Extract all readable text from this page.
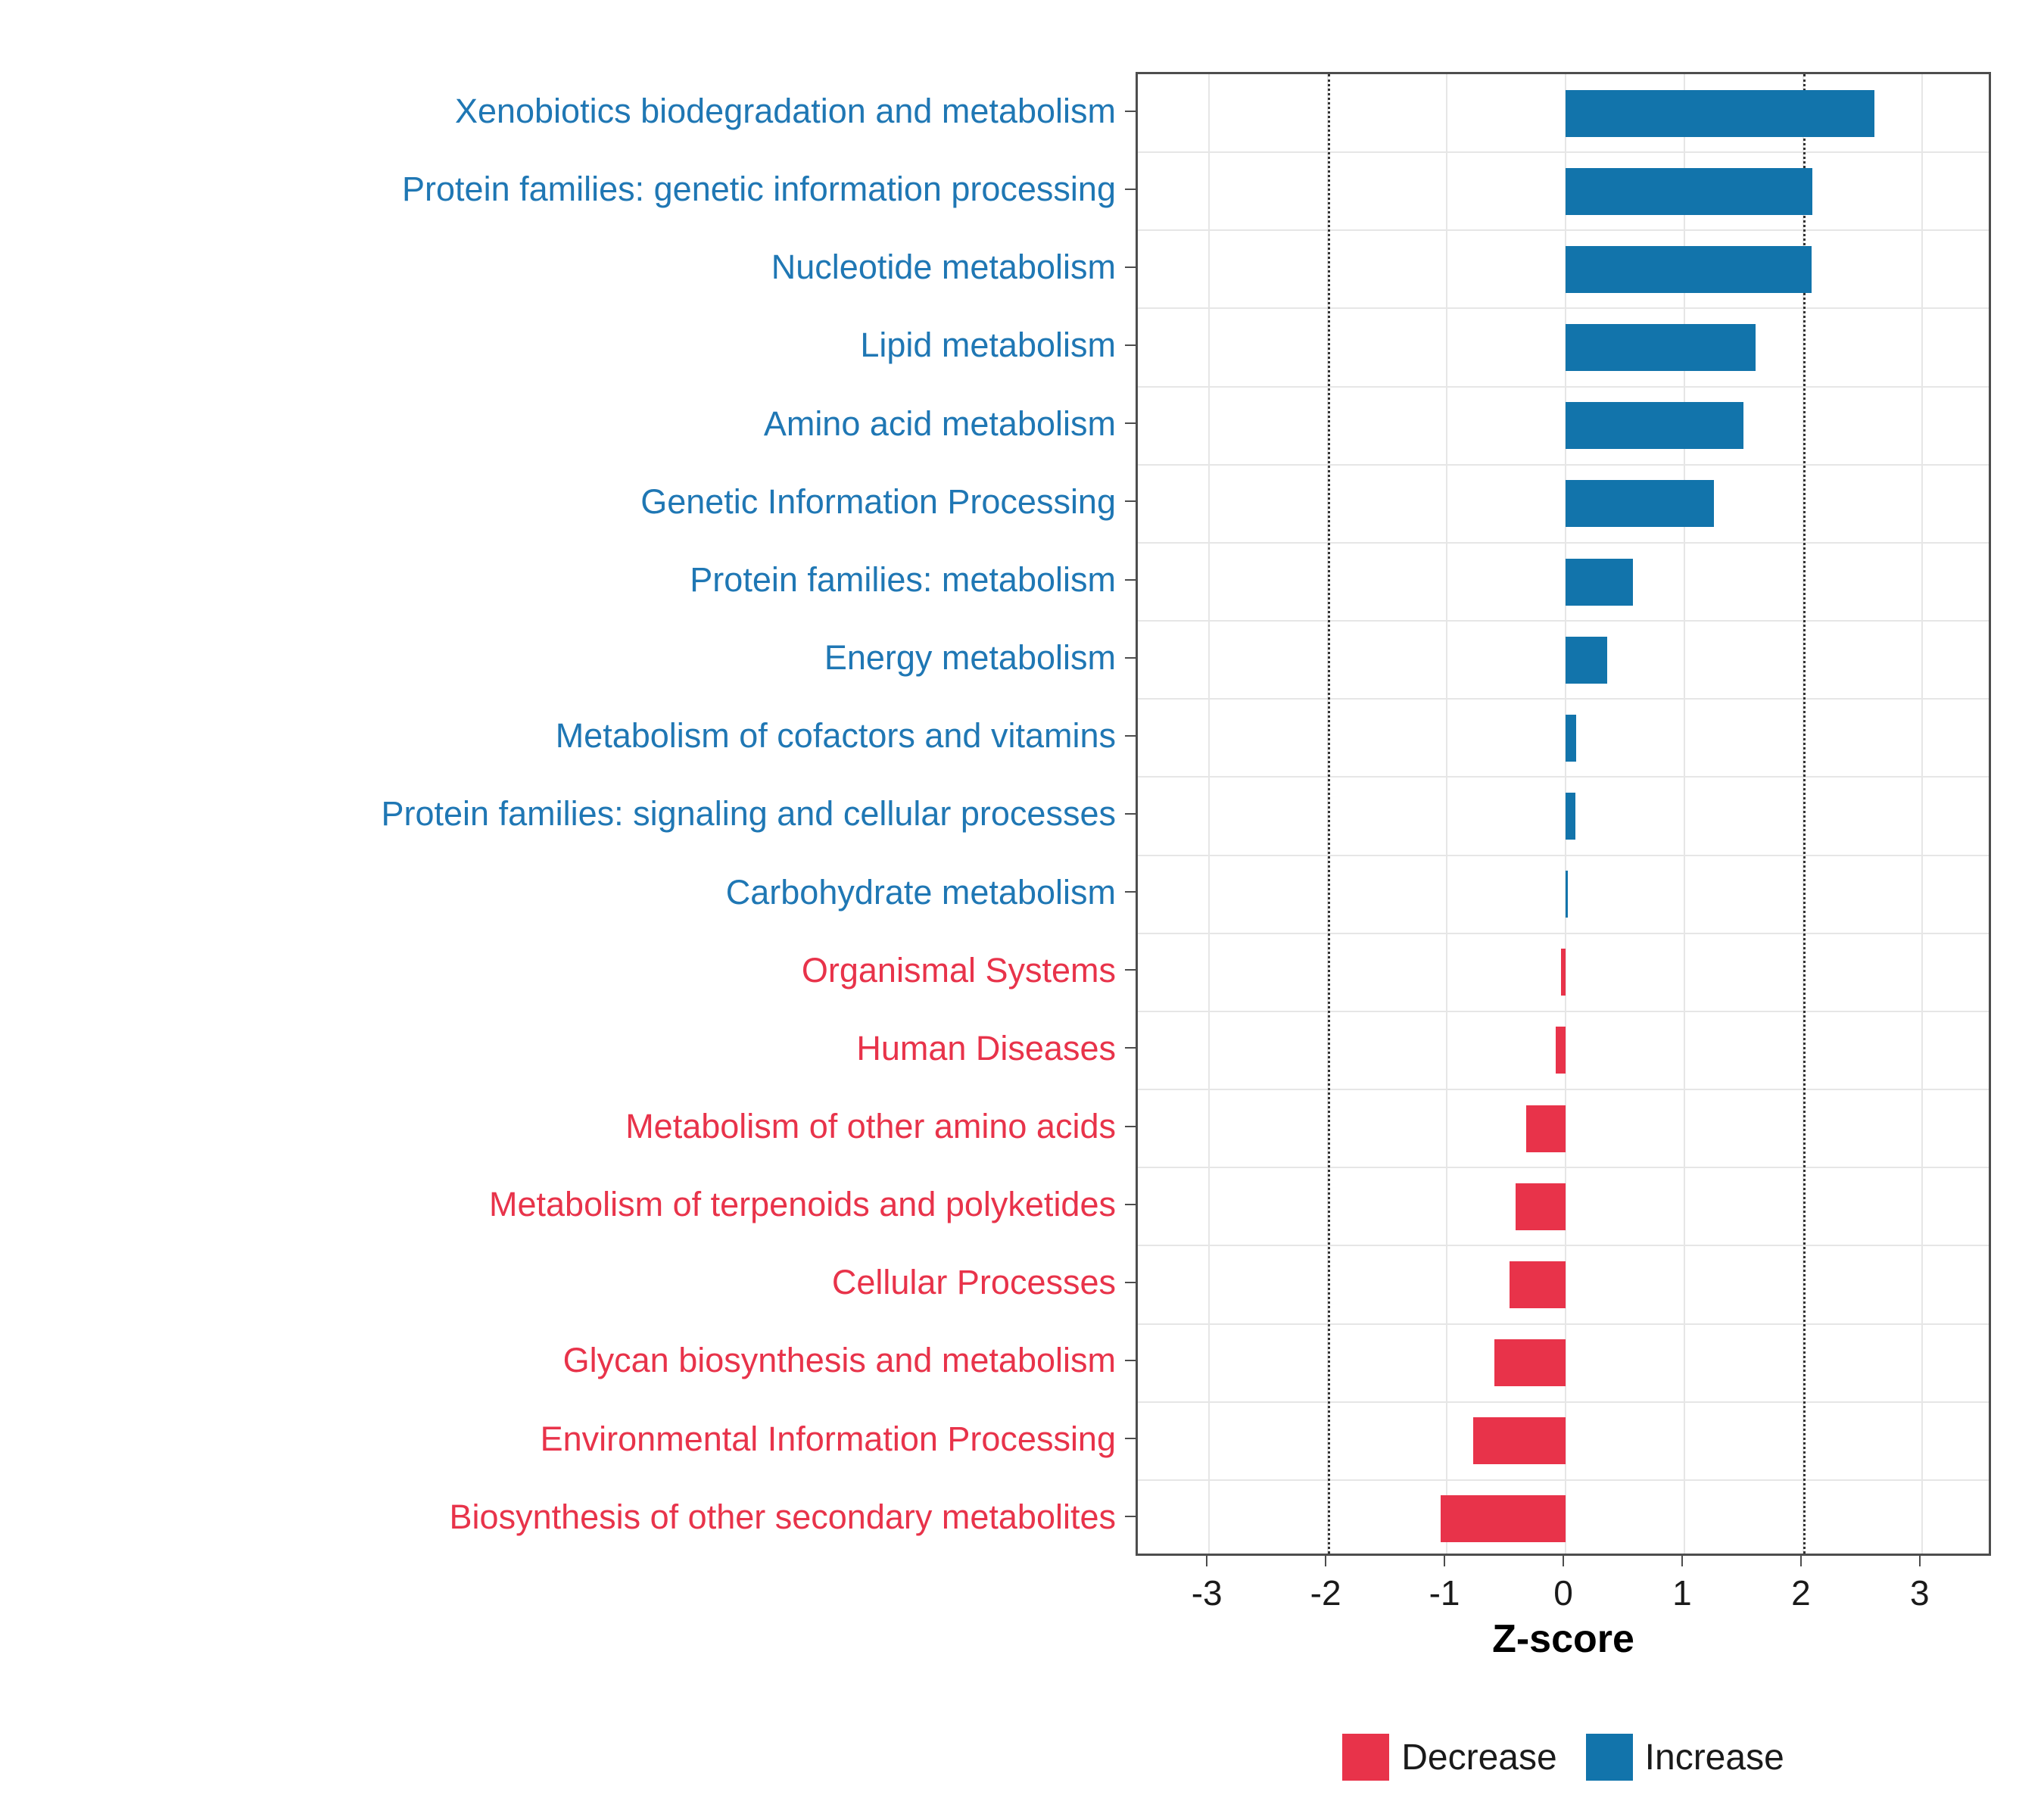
Xenobiotics biodegradation and metabolism
Protein families: genetic information processing
Nucleotide metabolism
Lipid metabolism
Amino acid metabolism
Genetic Information Processing
Protein families: metabolism
Energy metabolism
Metabolism of cofactors and vitamins
Protein families: signaling and cellular processes
Carbohydrate metabolism
Organismal Systems
Human Diseases
Metabolism of other amino acids
Metabolism of terpenoids and polyketides
Cellular Processes
Glycan biosynthesis and metabolism
Environmental Information Processing
Biosynthesis of other secondary metabolites
-3	-2	-1	0	1	2	3
Z-score
Decrease Increase
